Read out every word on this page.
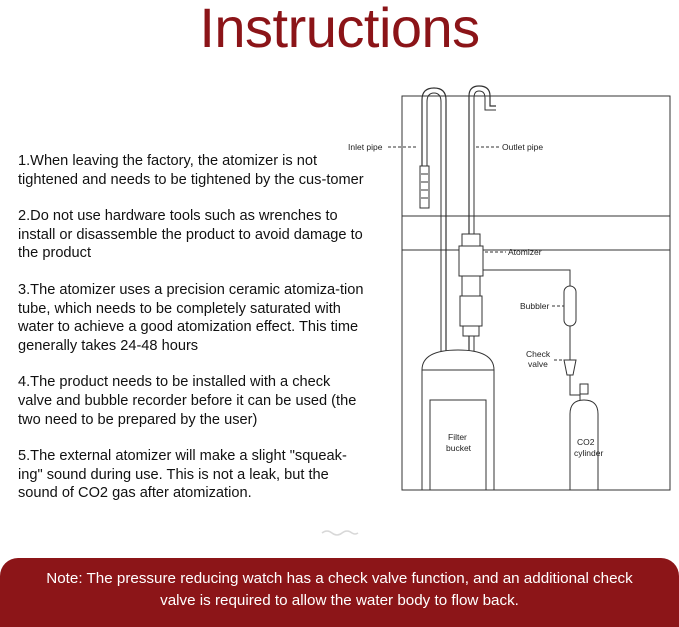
Instructions

1.When leaving the factory, the atomizer is not tightened and needs to be tightened by the cus-tomer

2.Do not use hardware tools such as wrenches to install or disassemble the product to avoid damage to the product

3.The atomizer uses a precision ceramic atomiza-tion tube, which needs to be completely saturated with water to achieve a good atomization effect. This time generally takes 24-48 hours

4.The product needs to be installed with a check valve and bubble recorder before it can be used (the two need to be prepared by the user)

5.The external atomizer will make a slight "squeak-ing" sound during use. This is not a leak, but the sound of CO2 gas after atomization.

Inlet pipe	Outlet pipe
Atomizer
Bubbler
Check
valve
Filter
bucket
CO2
cylinder
Note: The pressure reducing watch has a check valve function, and an additional check valve is required to allow the water body to flow back.
